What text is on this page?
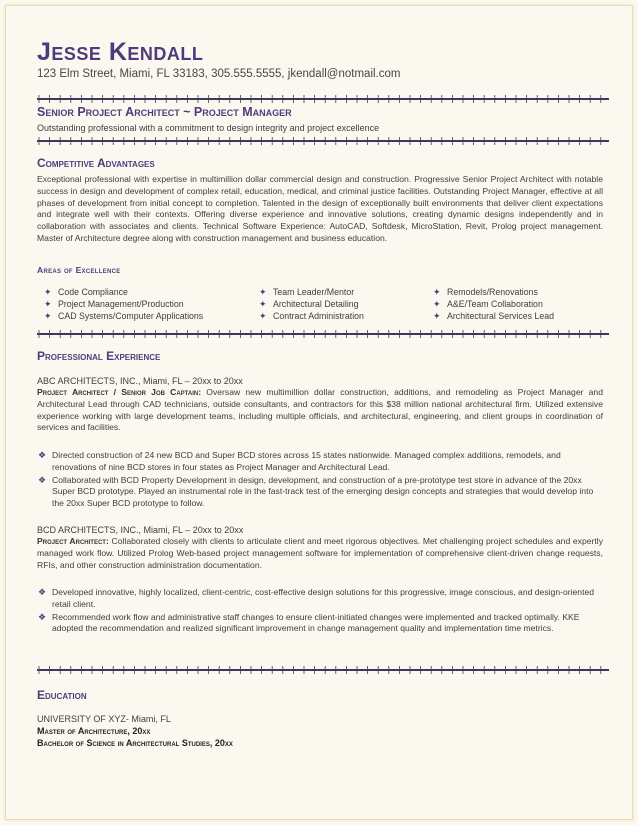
Jesse Kendall
123 Elm Street, Miami, FL 33183, 305.555.5555, jkendall@notmail.com
Senior Project Architect ~ Project Manager
Outstanding professional with a commitment to design integrity and project excellence
Competitive Advantages
Exceptional professional with expertise in multimillion dollar commercial design and construction. Progressive Senior Project Architect with notable success in design and development of complex retail, education, medical, and criminal justice facilities. Outstanding Project Manager, effective at all phases of development from initial concept to completion. Talented in the design of exceptionally built environments that deliver client expectations and integrate well with their contexts. Offering diverse experience and innovative solutions, creating dynamic designs independently and in collaboration with associates and clients. Technical Software Experience: AutoCAD, Softdesk, MicroStation, Revit, Prolog project management. Master of Architecture degree along with construction management and business education.
Areas of Excellence
✦ Code Compliance
✦ Project Management/Production
✦ CAD Systems/Computer Applications
✦ Team Leader/Mentor
✦ Architectural Detailing
✦ Contract Administration
✦ Remodels/Renovations
✦ A&E/Team Collaboration
✦ Architectural Services Lead
Professional Experience
ABC ARCHITECTS, INC., Miami, FL – 20xx to 20xx
Project Architect / Senior Job Captain: Oversaw new multimillion dollar construction, additions, and remodeling as Project Manager and Architectural Lead through CAD technicians, outside consultants, and contractors for this $38 million national architectural firm. Utilized extensive experience working with large development teams, including multiple officials, and architectural, engineering, and client groups in coordination of services and facilities.
❖ Directed construction of 24 new BCD and Super BCD stores across 15 states nationwide. Managed complex additions, remodels, and renovations of nine BCD stores in four states as Project Manager and Architectural Lead.
❖ Collaborated with BCD Property Development in design, development, and construction of a pre-prototype test store in advance of the 20xx Super BCD prototype. Played an instrumental role in the fast-track test of the emerging design concepts and strategies that would develop into the 20xx Super BCD prototype to follow.
BCD ARCHITECTS, INC., Miami, FL – 20xx to 20xx
Project Architect: Collaborated closely with clients to articulate client and meet rigorous objectives. Met challenging project schedules and expertly managed work flow. Utilized Prolog Web-based project management software for implementation of comprehensive client-driven change requests, RFIs, and other construction administration documentation.
❖ Developed innovative, highly localized, client-centric, cost-effective design solutions for this progressive, image conscious, and design-oriented retail client.
❖ Recommended work flow and administrative staff changes to ensure client-initiated changes were implemented and tracked optimally. KKE adopted the recommendation and realized significant improvement in change management quality and implementation time metrics.
Education
UNIVERSITY OF XYZ- Miami, FL
Master of Architecture, 20xx
Bachelor of Science in Architectural Studies, 20xx
